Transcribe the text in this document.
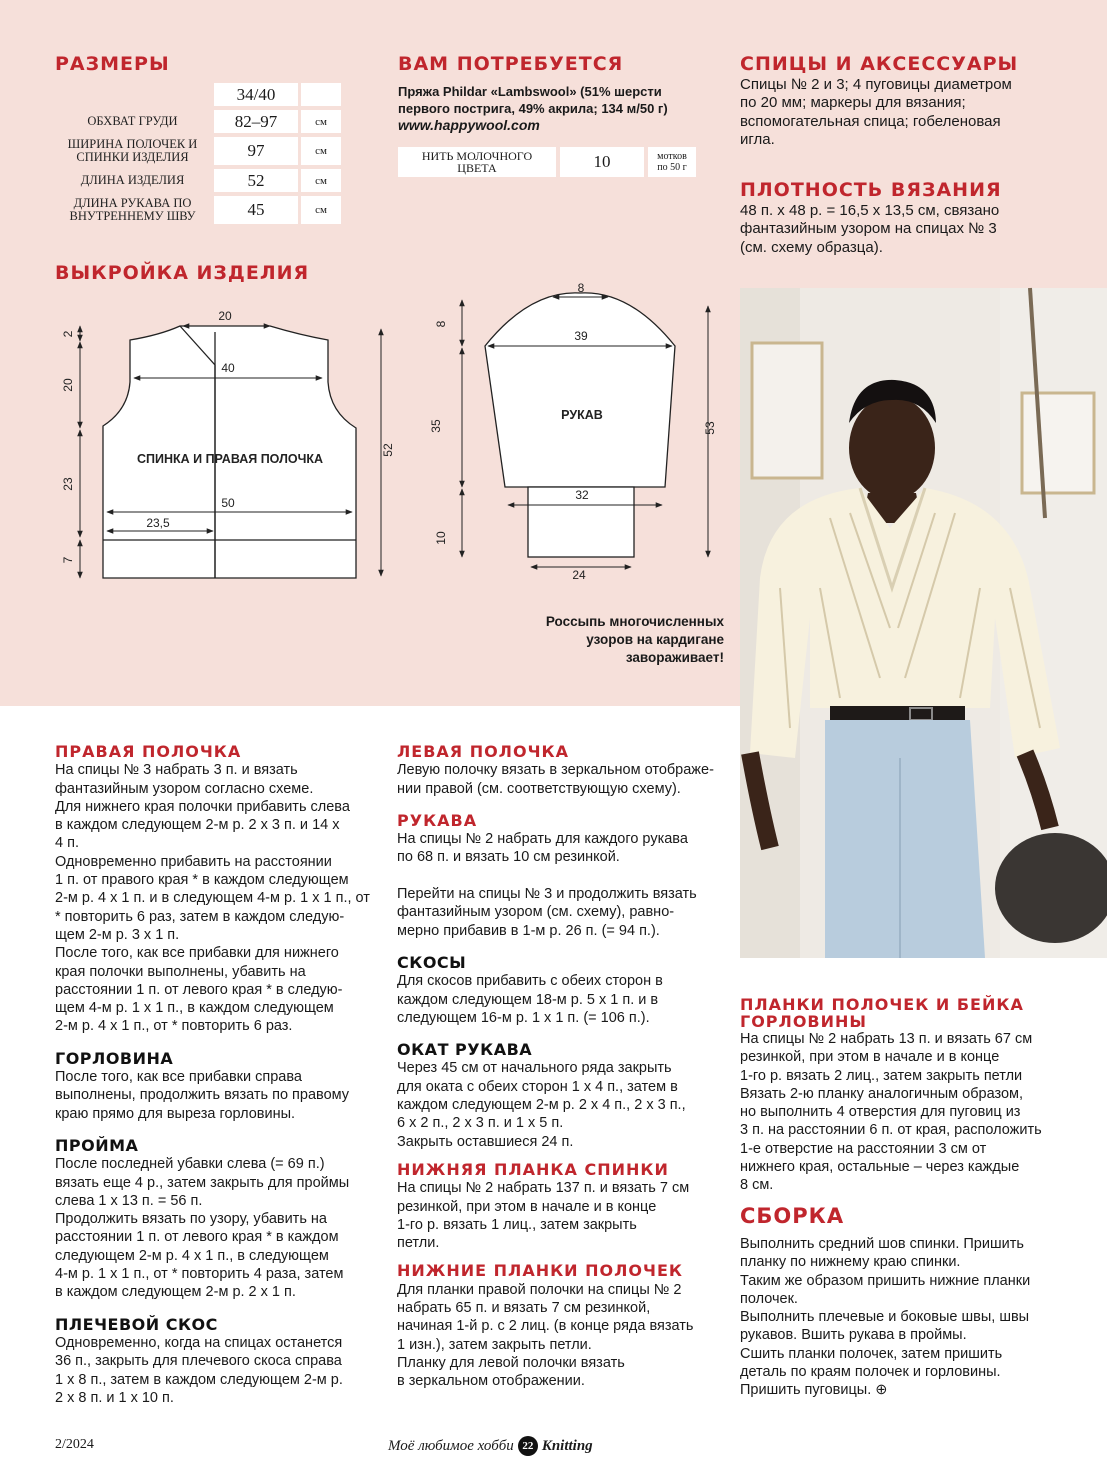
РАЗМЕРЫ
34/40
ОБХВАТ ГРУДИ	82–97	см
ШИРИНА ПОЛОЧЕК И СПИНКИ ИЗДЕЛИЯ	97	см
ДЛИНА ИЗДЕЛИЯ	52	см
ДЛИНА РУКАВА ПО ВНУТРЕННЕМУ ШВУ	45	см
ВАМ ПОТРЕБУЕТСЯ
Пряжа Phildar «Lambswool» (51% шерсти
первого пострига, 49% акрила; 134 м/50 г)
www.happywool.com
НИТЬ МОЛОЧНОГО ЦВЕТА	10	мотков по 50 г
СПИЦЫ И АКСЕССУАРЫ

Спицы № 2 и 3; 4 пуговицы диаметром

по 20 мм; маркеры для вязания;

вспомогательная спица; гобеленовая

игла.

ПЛОТНОСТЬ ВЯЗАНИЯ

48 п. х 48 р. = 16,5 х 13,5 см, связано

фантазийным узором на спицах № 3

(см. схему образца).

ВЫКРОЙКА ИЗДЕЛИЯ
20
40
50
23,5
СПИНКА И ПРАВАЯ ПОЛОЧКА
2
20
23
7
52
8
39
РУКАВ
32
24
8
35
10
53
Россыпь многочисленных
узоров на кардигане
завораживает!
ПРАВАЯ ПОЛОЧКА

На спицы № 3 набрать 3 п. и вязать

фантазийным узором согласно схеме.

Для нижнего края полочки прибавить слева

в каждом следующем 2-м р. 2 х 3 п. и 14 х

4 п.

Одновременно прибавить на расстоянии

1 п. от правого края * в каждом следующем

2-м р. 4 х 1 п. и в следующем 4-м р. 1 х 1 п., от

* повторить 6 раз, затем в каждом следую-

щем 2-м р. 3 х 1 п.

После того, как все прибавки для нижнего

края полочки выполнены, убавить на

расстоянии 1 п. от левого края * в следую-

щем 4-м р. 1 х 1 п., в каждом следующем

2-м р. 4 х 1 п., от * повторить 6 раз.

ГОРЛОВИНА

После того, как все прибавки справа

выполнены, продолжить вязать по правому

краю прямо для выреза горловины.

ПРОЙМА

После последней убавки слева (= 69 п.)

вязать еще 4 р., затем закрыть для проймы

слева 1 х 13 п. = 56 п.

Продолжить вязать по узору, убавить на

расстоянии 1 п. от левого края * в каждом

следующем 2-м р. 4 х 1 п., в следующем

4-м р. 1 х 1 п., от * повторить 4 раза, затем

в каждом следующем 2-м р. 2 х 1 п.

ПЛЕЧЕВОЙ СКОС

Одновременно, когда на спицах останется

36 п., закрыть для плечевого скоса справа

1 х 8 п., затем в каждом следующем 2-м р.

2 х 8 п. и 1 х 10 п.

ЛЕВАЯ ПОЛОЧКА

Левую полочку вязать в зеркальном отображе-

нии правой (см. соответствующую схему).

РУКАВА

На спицы № 2 набрать для каждого рукава

по 68 п. и вязать 10 см резинкой.

Перейти на спицы № 3 и продолжить вязать

фантазийным узором (см. схему), равно-

мерно прибавив в 1-м р. 26 п. (= 94 п.).

СКОСЫ

Для скосов прибавить с обеих сторон в

каждом следующем 18-м р. 5 х 1 п. и в

следующем 16-м р. 1 х 1 п. (= 106 п.).

ОКАТ РУКАВА

Через 45 см от начального ряда закрыть

для оката с обеих сторон 1 х 4 п., затем в

каждом следующем 2-м р. 2 х 4 п., 2 х 3 п.,

6 х 2 п., 2 х 3 п. и 1 х 5 п.

Закрыть оставшиеся 24 п.

НИЖНЯЯ ПЛАНКА СПИНКИ

На спицы № 2 набрать 137 п. и вязать 7 см

резинкой, при этом в начале и в конце

1-го р. вязать 1 лиц., затем закрыть

петли.

НИЖНИЕ ПЛАНКИ ПОЛОЧЕК

Для планки правой полочки на спицы № 2

набрать 65 п. и вязать 7 см резинкой,

начиная 1-й р. с 2 лиц. (в конце ряда вязать

1 изн.), затем закрыть петли.

Планку для левой полочки вязать

в зеркальном отображении.

ПЛАНКИ ПОЛОЧЕК И БЕЙКА
ГОРЛОВИНЫ

На спицы № 2 набрать 13 п. и вязать 67 см

резинкой, при этом в начале и в конце

1-го р. вязать 2 лиц., затем закрыть петли

Вязать 2-ю планку аналогичным образом,

но выполнить 4 отверстия для пуговиц из

3 п. на расстоянии 6 п. от края, расположить

1-е отверстие на расстоянии 3 см от

нижнего края, остальные – через каждые

8 см.

СБОРКА

Выполнить средний шов спинки. Пришить

планку по нижнему краю спинки.

Таким же образом пришить нижние планки

полочек.

Выполнить плечевые и боковые швы, швы

рукавов. Вшить рукава в проймы.

Сшить планки полочек, затем пришить

деталь по краям полочек и горловины.

Пришить пуговицы. ⊕

2/2024	Моё любимое хобби 22 Knitting
